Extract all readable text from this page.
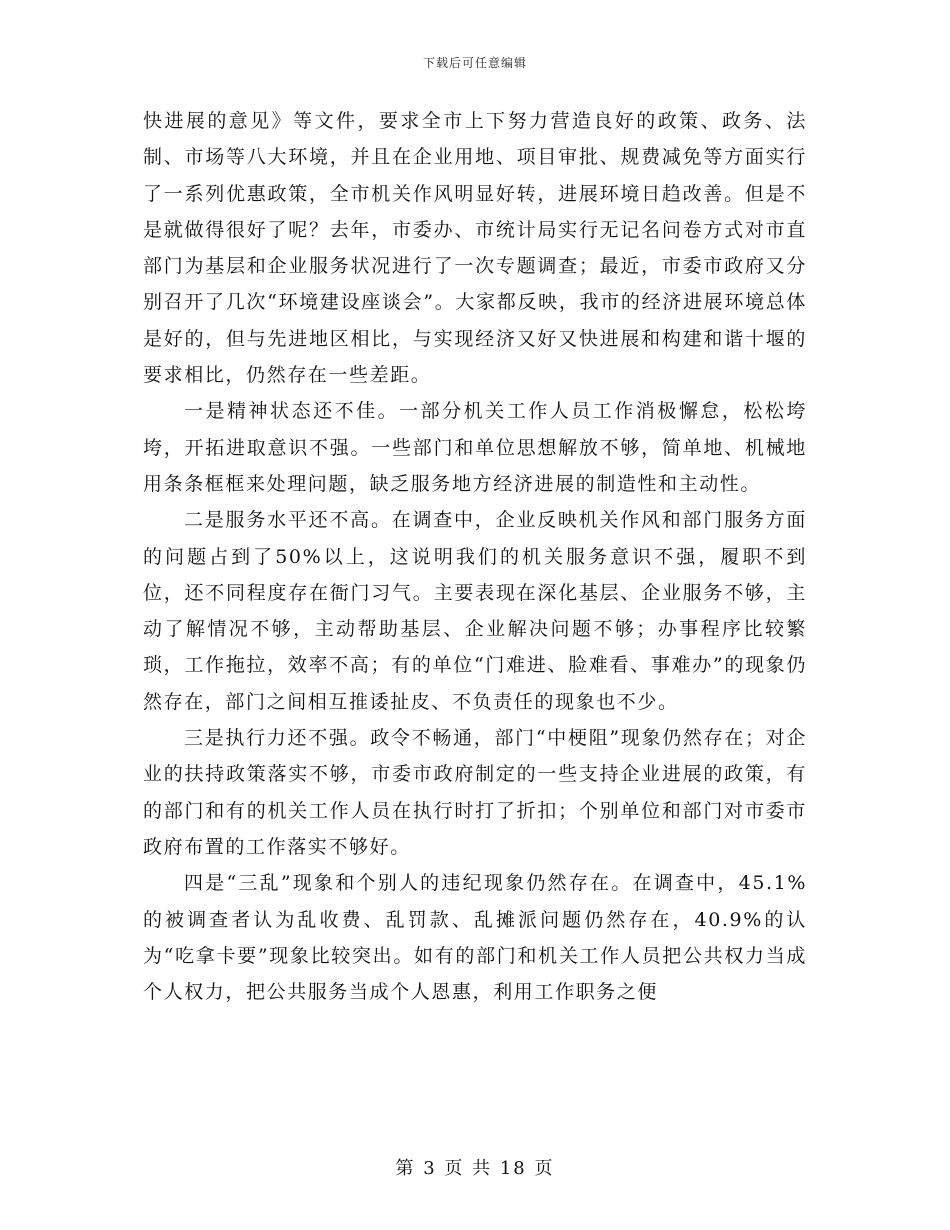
下载后可任意编辑

快进展的意见》等文件，要求全市上下努力营造良好的政策、政务、法制、市场等八大环境，并且在企业用地、项目审批、规费减免等方面实行了一系列优惠政策，全市机关作风明显好转，进展环境日趋改善。但是不是就做得很好了呢？去年，市委办、市统计局实行无记名问卷方式对市直部门为基层和企业服务状况进行了一次专题调查；最近，市委市政府又分别召开了几次“环境建设座谈会”。大家都反映，我市的经济进展环境总体是好的，但与先进地区相比，与实现经济又好又快进展和构建和谐十堰的要求相比，仍然存在一些差距。

一是精神状态还不佳。一部分机关工作人员工作消极懈怠，松松垮垮，开拓进取意识不强。一些部门和单位思想解放不够，简单地、机械地用条条框框来处理问题，缺乏服务地方经济进展的制造性和主动性。

二是服务水平还不高。在调查中，企业反映机关作风和部门服务方面的问题占到了50%以上，这说明我们的机关服务意识不强，履职不到位，还不同程度存在衙门习气。主要表现在深化基层、企业服务不够，主动了解情况不够，主动帮助基层、企业解决问题不够；办事程序比较繁琐，工作拖拉，效率不高；有的单位“门难进、脸难看、事难办”的现象仍然存在，部门之间相互推诿扯皮、不负责任的现象也不少。

三是执行力还不强。政令不畅通，部门“中梗阻”现象仍然存在；对企业的扶持政策落实不够，市委市政府制定的一些支持企业进展的政策，有的部门和有的机关工作人员在执行时打了折扣；个别单位和部门对市委市政府布置的工作落实不够好。

四是“三乱”现象和个别人的违纪现象仍然存在。在调查中，45.1%的被调查者认为乱收费、乱罚款、乱摊派问题仍然存在，40.9%的认为“吃拿卡要”现象比较突出。如有的部门和机关工作人员把公共权力当成个人权力，把公共服务当成个人恩惠，利用工作职务之便

第 3 页 共 18 页
